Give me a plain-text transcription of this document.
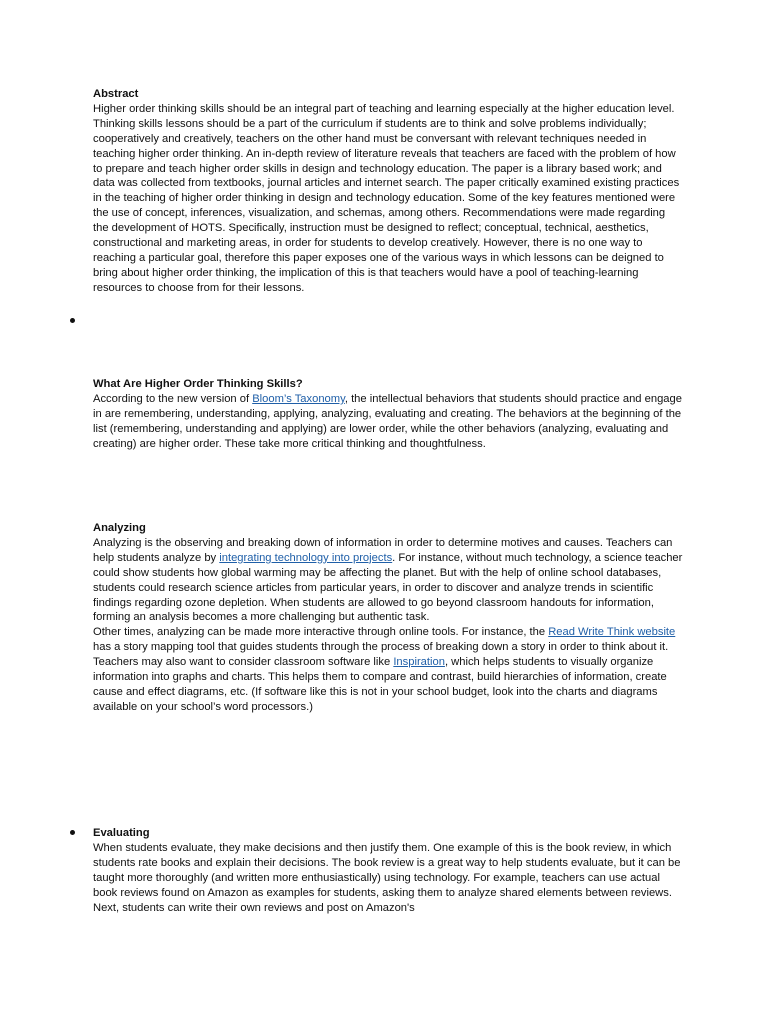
Abstract

Higher order thinking skills should be an integral part of teaching and learning especially at the higher education level. Thinking skills lessons should be a part of the curriculum if students are to think and solve problems individually; cooperatively and creatively, teachers on the other hand must be conversant with relevant techniques needed in teaching higher order thinking. An in-depth review of literature reveals that teachers are faced with the problem of how to prepare and teach higher order skills in design and technology education. The paper is a library based work; and data was collected from textbooks, journal articles and internet search. The paper critically examined existing practices in the teaching of higher order thinking in design and technology education. Some of the key features mentioned were the use of concept, inferences, visualization, and schemas, among others. Recommendations were made regarding the development of HOTS. Specifically, instruction must be designed to reflect; conceptual, technical, aesthetics, constructional and marketing areas, in order for students to develop creatively. However, there is no one way to reaching a particular goal, therefore this paper exposes one of the various ways in which lessons can be deigned to bring about higher order thinking, the implication of this is that teachers would have a pool of teaching-learning resources to choose from for their lessons.

What Are Higher Order Thinking Skills?

According to the new version of Bloom’s Taxonomy, the intellectual behaviors that students should practice and engage in are remembering, understanding, applying, analyzing, evaluating and creating. The behaviors at the beginning of the list (remembering, understanding and applying) are lower order, while the other behaviors (analyzing, evaluating and creating) are higher order. These take more critical thinking and thoughtfulness.

Analyzing

Analyzing is the observing and breaking down of information in order to determine motives and causes. Teachers can help students analyze by integrating technology into projects. For instance, without much technology, a science teacher could show students how global warming may be affecting the planet. But with the help of online school databases, students could research science articles from particular years, in order to discover and analyze trends in scientific findings regarding ozone depletion. When students are allowed to go beyond classroom handouts for information, forming an analysis becomes a more challenging but authentic task.

Other times, analyzing can be made more interactive through online tools. For instance, the Read Write Think website has a story mapping tool that guides students through the process of breaking down a story in order to think about it. Teachers may also want to consider classroom software like Inspiration, which helps students to visually organize information into graphs and charts. This helps them to compare and contrast, build hierarchies of information, create cause and effect diagrams, etc. (If software like this is not in your school budget, look into the charts and diagrams available on your school’s word processors.)

Evaluating

When students evaluate, they make decisions and then justify them. One example of this is the book review, in which students rate books and explain their decisions. The book review is a great way to help students evaluate, but it can be taught more thoroughly (and written more enthusiastically) using technology. For example, teachers can use actual book reviews found on Amazon as examples for students, asking them to analyze shared elements between reviews. Next, students can write their own reviews and post on Amazon's
